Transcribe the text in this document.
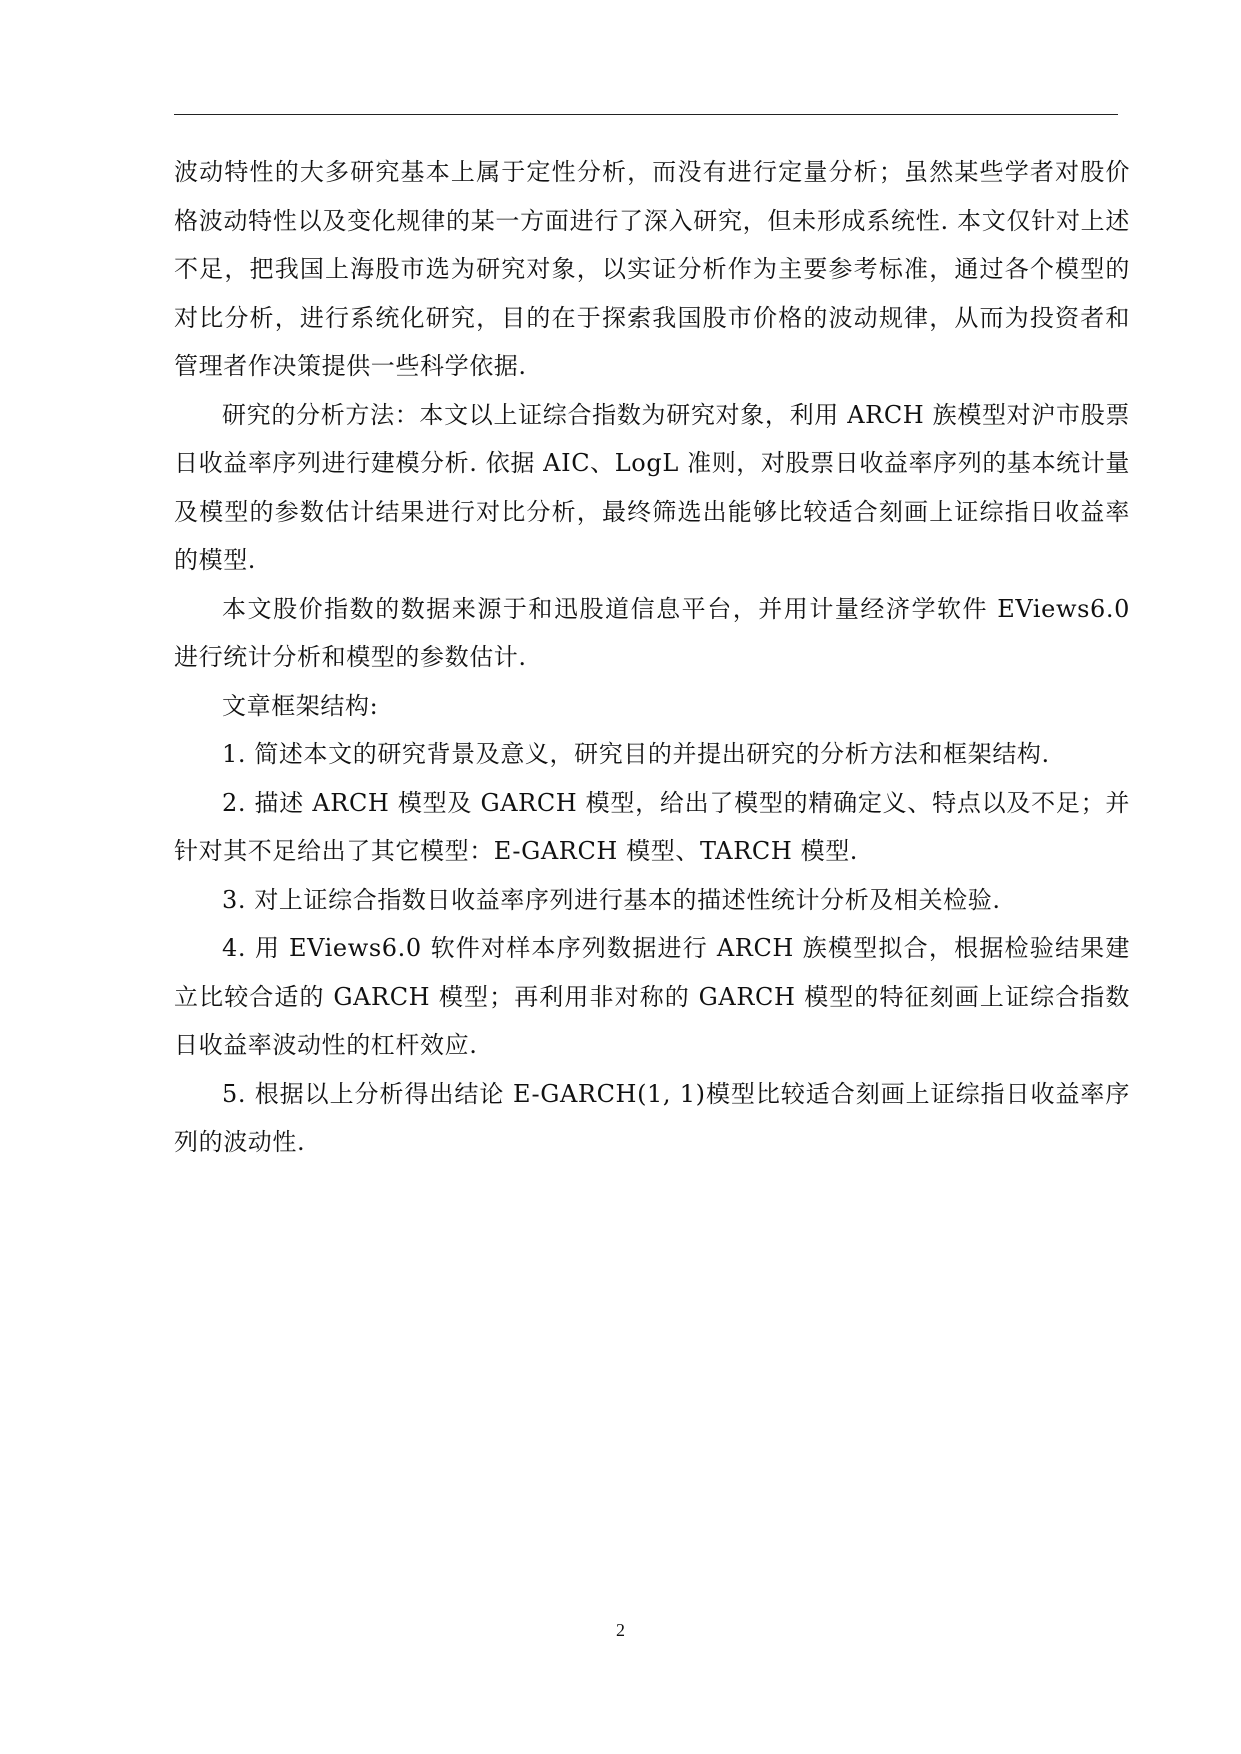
波动特性的大多研究基本上属于定性分析，而没有进行定量分析；虽然某些学者对股价格波动特性以及变化规律的某一方面进行了深入研究，但未形成系统性. 本文仅针对上述不足，把我国上海股市选为研究对象，以实证分析作为主要参考标准，通过各个模型的对比分析，进行系统化研究，目的在于探索我国股市价格的波动规律，从而为投资者和管理者作决策提供一些科学依据.

研究的分析方法：本文以上证综合指数为研究对象，利用 ARCH 族模型对沪市股票日收益率序列进行建模分析. 依据 AIC、LogL 准则，对股票日收益率序列的基本统计量及模型的参数估计结果进行对比分析，最终筛选出能够比较适合刻画上证综指日收益率的模型.

本文股价指数的数据来源于和迅股道信息平台，并用计量经济学软件 EViews6.0 进行统计分析和模型的参数估计.

文章框架结构:

1. 简述本文的研究背景及意义，研究目的并提出研究的分析方法和框架结构.

2. 描述 ARCH 模型及 GARCH 模型，给出了模型的精确定义、特点以及不足；并针对其不足给出了其它模型：E-GARCH 模型、TARCH 模型.

3. 对上证综合指数日收益率序列进行基本的描述性统计分析及相关检验.

4. 用 EViews6.0 软件对样本序列数据进行 ARCH 族模型拟合，根据检验结果建立比较合适的 GARCH 模型；再利用非对称的 GARCH 模型的特征刻画上证综合指数日收益率波动性的杠杆效应.

5. 根据以上分析得出结论 E-GARCH(1, 1)模型比较适合刻画上证综指日收益率序列的波动性.

2
